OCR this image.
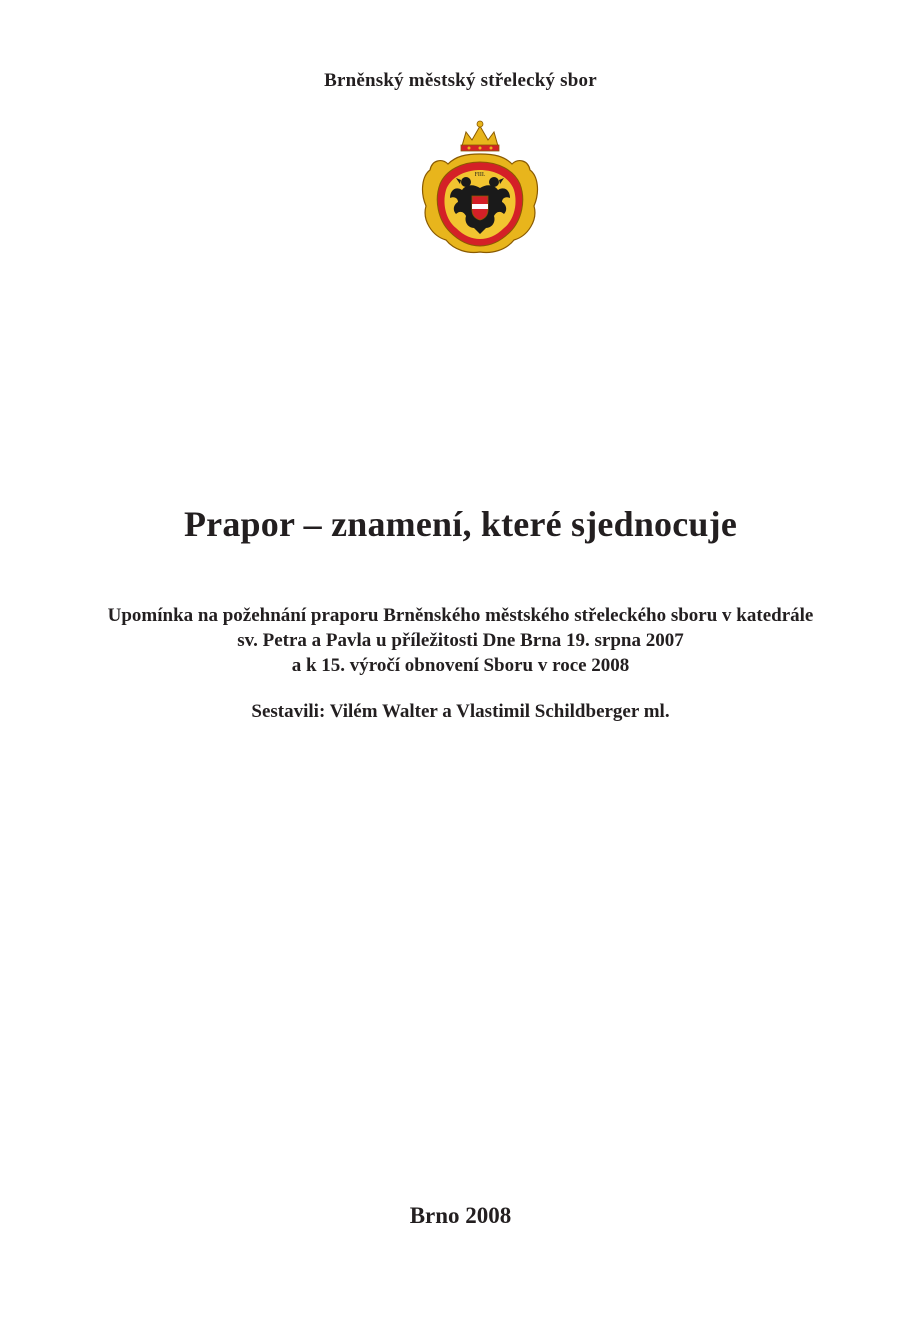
Brněnský městský střelecký sbor
FIII.
Prapor – znamení, které sjednocuje
Upomínka na požehnání praporu Brněnského městského střeleckého sboru v katedrále
sv. Petra a Pavla u příležitosti Dne Brna 19. srpna 2007
a k 15. výročí obnovení Sboru v roce 2008
Sestavili: Vilém Walter a Vlastimil Schildberger ml.
Brno 2008
